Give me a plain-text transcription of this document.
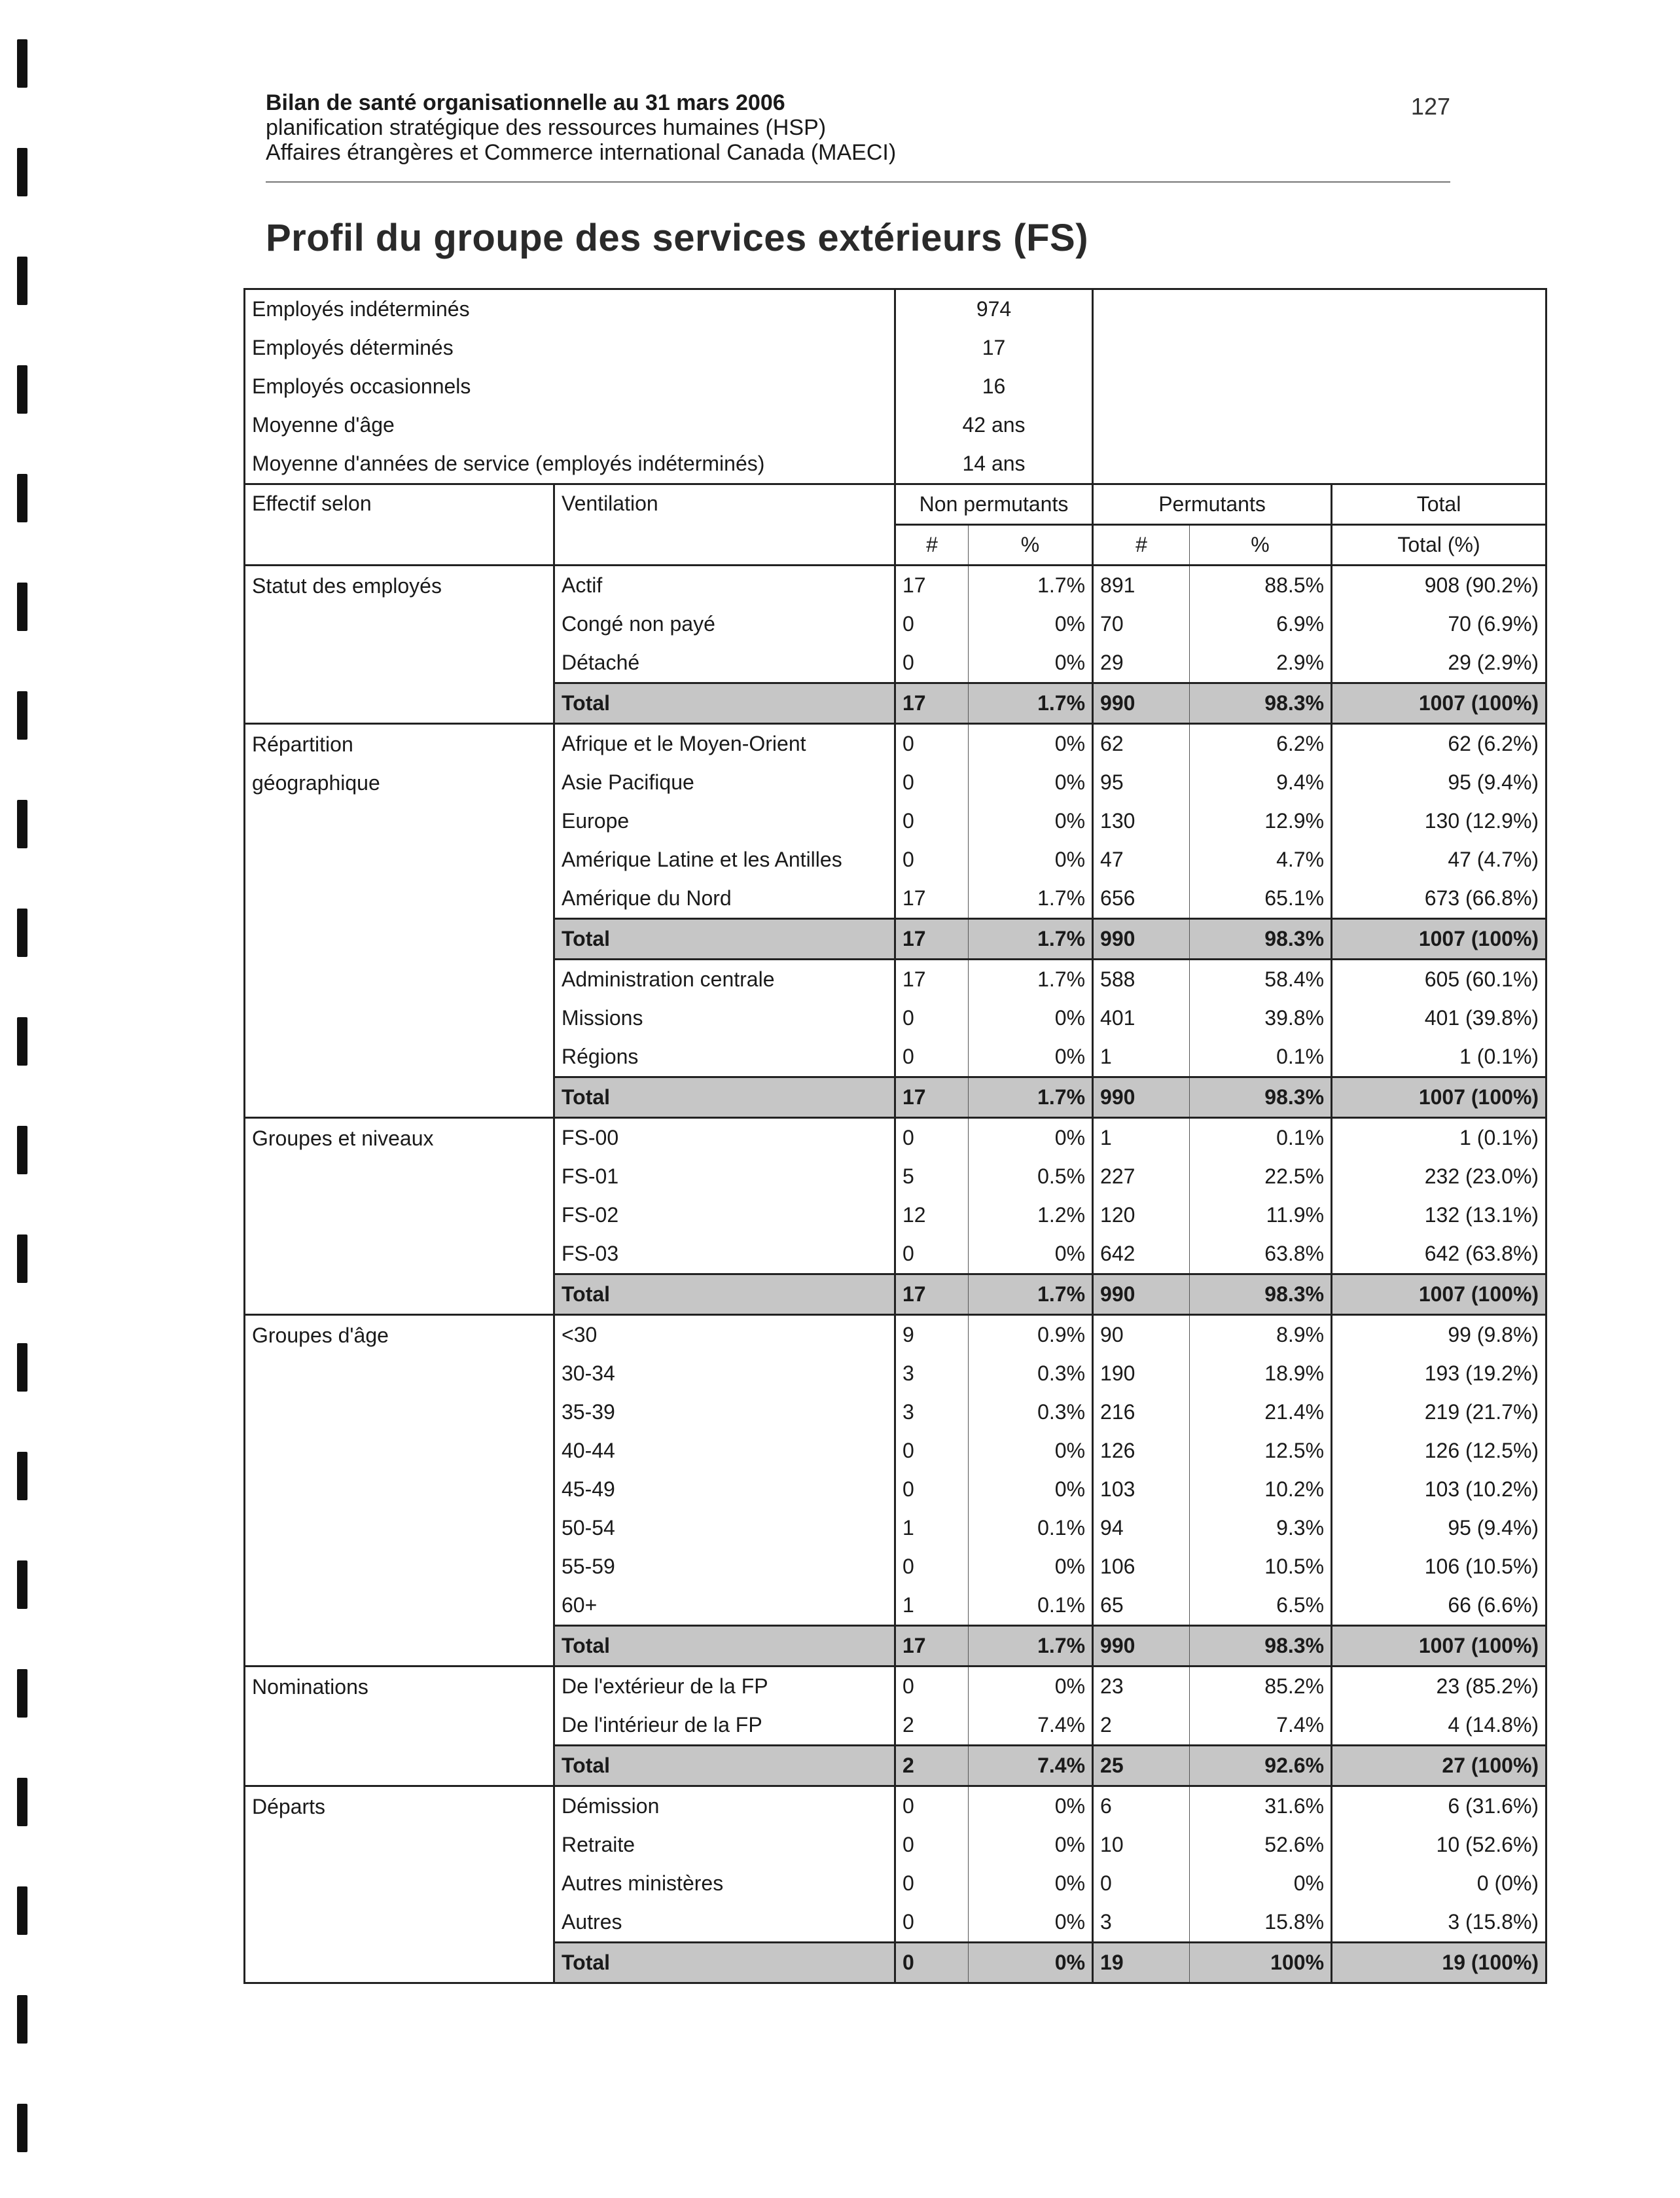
Bilan de santé organisationnelle au 31 mars 2006
planification stratégique des ressources humaines (HSP)
Affaires étrangères et Commerce international Canada (MAECI)
127
Profil du groupe des services extérieurs (FS)
Employés indéterminés		974				
Employés déterminés		17				
Employés occasionnels		16				
Moyenne d'âge		42 ans				
Moyenne d'années de service (employés indéterminés)		14 ans				
Effectif selon	Ventilation	Non permutants		Permutants		Total
		#	%	#	%	Total (%)

Statut des employés	Actif	17	1.7%	891	88.5%	908 (90.2%)
	Congé non payé	0	0%	70	6.9%	70 (6.9%)
	Détaché	0	0%	29	2.9%	29 (2.9%)
	Total	17	1.7%	990	98.3%	1007 (100%)

Répartition
géographique	Afrique et le Moyen-Orient	0	0%	62	6.2%	62 (6.2%)
	Asie Pacifique	0	0%	95	9.4%	95 (9.4%)
	Europe	0	0%	130	12.9%	130 (12.9%)
	Amérique Latine et les Antilles	0	0%	47	4.7%	47 (4.7%)
	Amérique du Nord	17	1.7%	656	65.1%	673 (66.8%)
	Total	17	1.7%	990	98.3%	1007 (100%)
	Administration centrale	17	1.7%	588	58.4%	605 (60.1%)
	Missions	0	0%	401	39.8%	401 (39.8%)
	Régions	0	0%	1	0.1%	1 (0.1%)
	Total	17	1.7%	990	98.3%	1007 (100%)

Groupes et niveaux	FS-00	0	0%	1	0.1%	1 (0.1%)
	FS-01	5	0.5%	227	22.5%	232 (23.0%)
	FS-02	12	1.2%	120	11.9%	132 (13.1%)
	FS-03	0	0%	642	63.8%	642 (63.8%)
	Total	17	1.7%	990	98.3%	1007 (100%)

Groupes d'âge	<30	9	0.9%	90	8.9%	99 (9.8%)
	30-34	3	0.3%	190	18.9%	193 (19.2%)
	35-39	3	0.3%	216	21.4%	219 (21.7%)
	40-44	0	0%	126	12.5%	126 (12.5%)
	45-49	0	0%	103	10.2%	103 (10.2%)
	50-54	1	0.1%	94	9.3%	95 (9.4%)
	55-59	0	0%	106	10.5%	106 (10.5%)
	60+	1	0.1%	65	6.5%	66 (6.6%)
	Total	17	1.7%	990	98.3%	1007 (100%)

Nominations	De l'extérieur de la FP	0	0%	23	85.2%	23 (85.2%)
	De l'intérieur de la FP	2	7.4%	2	7.4%	4 (14.8%)
	Total	2	7.4%	25	92.6%	27 (100%)

Départs	Démission	0	0%	6	31.6%	6 (31.6%)
	Retraite	0	0%	10	52.6%	10 (52.6%)
	Autres ministères	0	0%	0	0%	0 (0%)
	Autres	0	0%	3	15.8%	3 (15.8%)
	Total	0	0%	19	100%	19 (100%)
